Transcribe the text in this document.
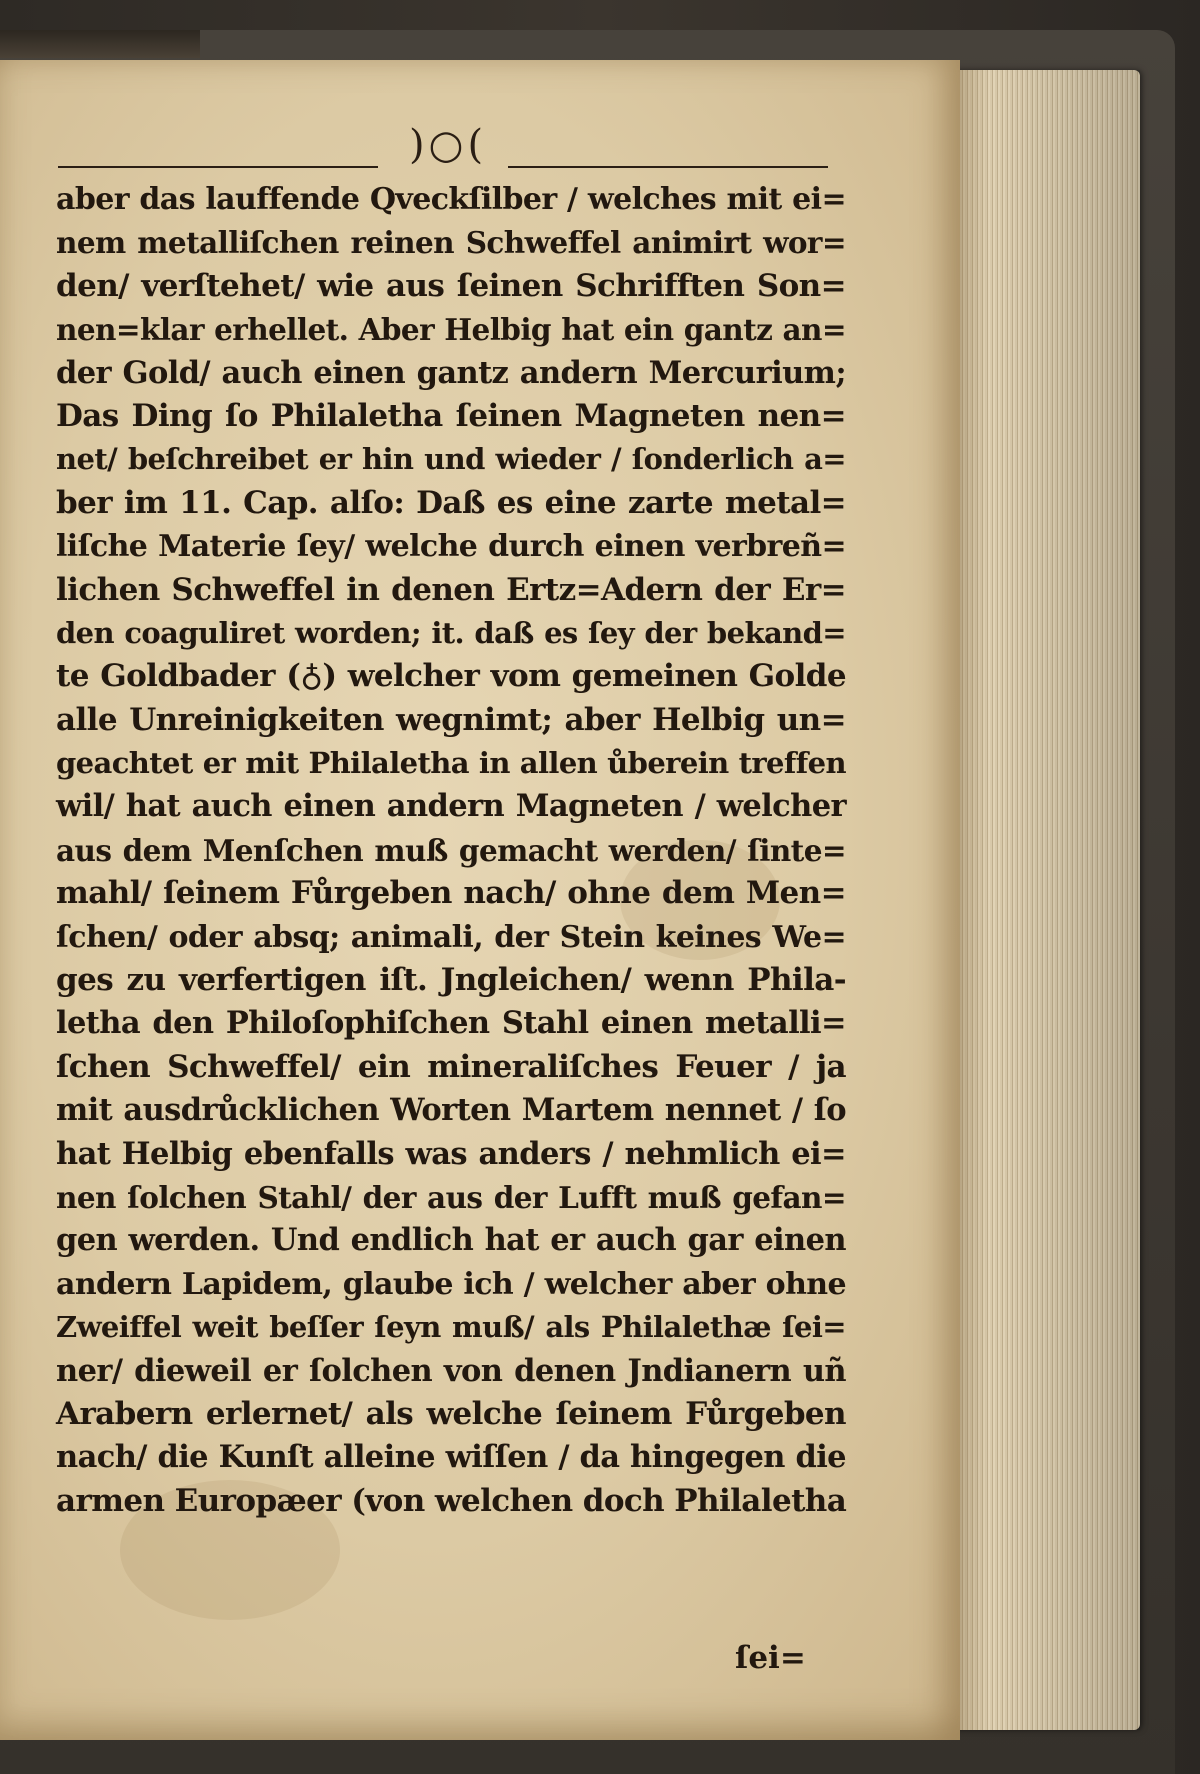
)○(
aber das lauffende Qveckſilber / welches mit ei=
nem metalliſchen reinen Schweffel animirt wor=
den/ verſtehet/ wie aus ſeinen Schrifften Son=
nen=klar erhellet. Aber Helbig hat ein gantz an=
der Gold/ auch einen gantz andern Mercurium;
Das Ding ſo Philaletha ſeinen Magneten nen=
net/ beſchreibet er hin und wieder / ſonderlich a=
ber im 11. Cap. alſo: Daß es eine zarte metal=
liſche Materie ſey/ welche durch einen verbreñ=
lichen Schweffel in denen Ertz=Adern der Er=
den coaguliret worden; it. daß es ſey der bekand=
te Goldbader (♁) welcher vom gemeinen Golde
alle Unreinigkeiten wegnimt; aber Helbig un=
geachtet er mit Philaletha in allen ůberein treffen
wil/ hat auch einen andern Magneten / welcher
aus dem Menſchen muß gemacht werden/ ſinte=
mahl/ ſeinem Fůrgeben nach/ ohne dem Men=
ſchen/ oder absq; animali, der Stein keines We=
ges zu verfertigen iſt. Jngleichen/ wenn Phila-
letha den Philoſophiſchen Stahl einen metalli=
ſchen Schweffel/ ein mineraliſches Feuer / ja
mit ausdrůcklichen Worten Martem nennet / ſo
hat Helbig ebenfalls was anders / nehmlich ei=
nen ſolchen Stahl/ der aus der Lufft muß gefan=
gen werden. Und endlich hat er auch gar einen
andern Lapidem, glaube ich / welcher aber ohne
Zweiffel weit beſſer ſeyn muß/ als Philalethæ ſei=
ner/ dieweil er ſolchen von denen Jndianern uñ
Arabern erlernet/ als welche ſeinem Fůrgeben
nach/ die Kunſt alleine wiſſen / da hingegen die
armen Europæer (von welchen doch Philaletha
ſei=
